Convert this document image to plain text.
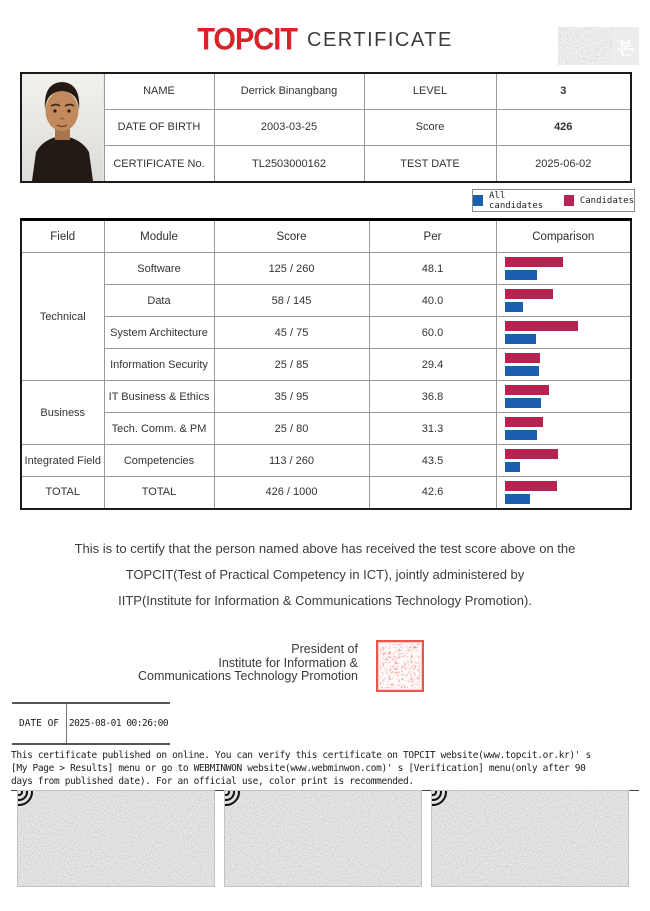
TOPCIT CERTIFICATE	본
	NAME	Derrick Binangbang	LEVEL	3
	DATE OF BIRTH	2003-03-25	Score	426
	CERTIFICATE No.	TL2503000162	TEST DATE	2025-06-02
All candidates	Candidates
Field	Module	Score	Per	Comparison
Technical	Software	125 / 260	48.1	

	Data	58 / 145	40.0	

	System Architecture	45 / 75	60.0	

	Information Security	25 / 85	29.4	

Business	IT Business & Ethics	35 / 95	36.8	

	Tech. Comm. & PM	25 / 80	31.3	

Integrated Field	Competencies	113 / 260	43.5	

TOTAL	TOTAL	426 / 1000	42.6	
This is to certify that the person named above has received the test score above on the
TOPCIT(Test of Practical Competency in ICT), jointly administered by
IITP(Institute for Information & Communications Technology Promotion).
President of
Institute for Information &
Communications Technology Promotion
DATE OF	2025-08-01 00:26:00
This certificate published on online. You can verify this certificate on TOPCIT website(www.topcit.or.kr)' s
[My Page > Results] menu or go to WEBMINWON website(www.webminwon.com)' s [Verification] menu(only after 90
days from published date). For an official use, color print is recommended.
